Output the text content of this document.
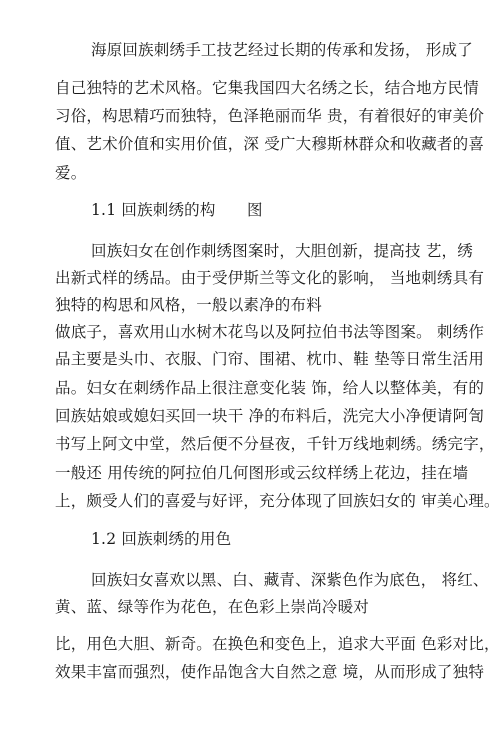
海原回族刺绣手工技艺经过长期的传承和发扬， 形成了
自己独特的艺术风格。它集我国四大名绣之长，结合地方民情
习俗，构思精巧而独特，色泽艳丽而华 贵，有着很好的审美价
值、艺术价值和实用价值，深 受广大穆斯林群众和收藏者的喜
爱。
1.1 回族刺绣的构　　图
回族妇女在创作刺绣图案时，大胆创新，提高技 艺，绣
出新式样的绣品。由于受伊斯兰等文化的影响， 当地刺绣具有
独特的构思和风格，一般以素净的布料
做底子，喜欢用山水树木花鸟以及阿拉伯书法等图案。 刺绣作
品主要是头巾、衣服、门帘、围裙、枕巾、鞋 垫等日常生活用
品。妇女在刺绣作品上很注意变化装 饰，给人以整体美，有的
回族姑娘或媳妇买回一块干 净的布料后，洗完大小净便请阿訇
书写上阿文中堂，然后便不分昼夜，千针万线地刺绣。绣完字，
一般还 用传统的阿拉伯几何图形或云纹样绣上花边，挂在墙
上，颇受人们的喜爱与好评，充分体现了回族妇女的 审美心理。
1.2 回族刺绣的用色
回族妇女喜欢以黑、白、藏青、深紫色作为底色， 将红、
黄、蓝、绿等作为花色，在色彩上崇尚冷暖对
比，用色大胆、新奇。在换色和变色上，追求大平面 色彩对比，
效果丰富而强烈，使作品饱含大自然之意 境，从而形成了独特
